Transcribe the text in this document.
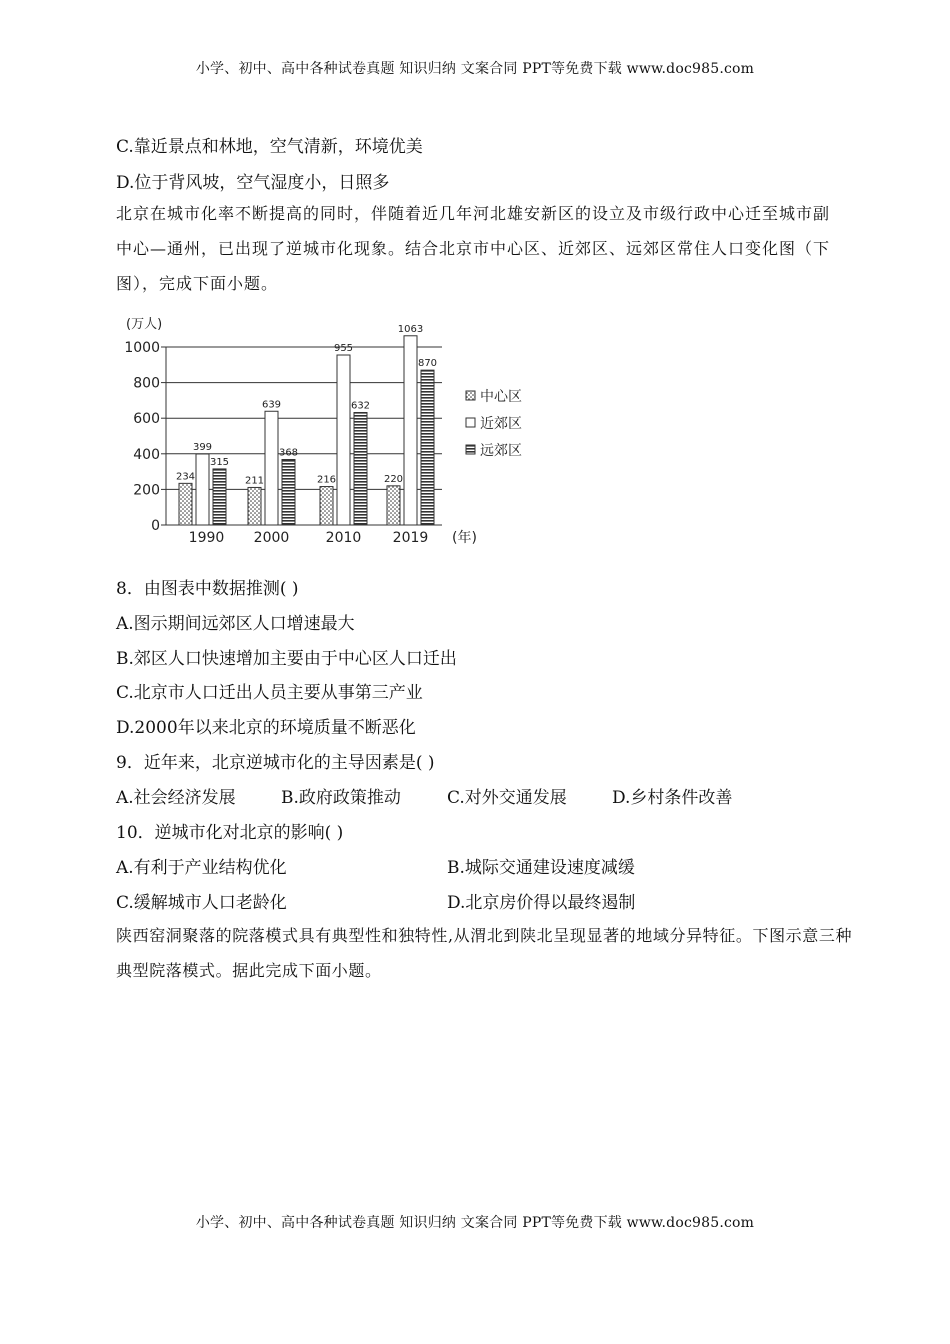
小学、初中、高中各种试卷真题 知识归纳 文案合同 PPT等免费下载 www.doc985.com
C.靠近景点和林地，空气清新，环境优美
D.位于背风坡，空气湿度小，日照多
北京在城市化率不断提高的同时，伴随着近几年河北雄安新区的设立及市级行政中心迁至城市副中心—通州，已出现了逆城市化现象。结合北京市中心区、近郊区、远郊区常住人口变化图（下图），完成下面小题。
(万人)
0
200
400
600
800
1000
234
399
315
1990
211
639
368
2000
216
955
632
2010
220
1063
870
2019
中心区
近郊区
远郊区
(年)
8．由图表中数据推测( )
A.图示期间远郊区人口增速最大
B.郊区人口快速增加主要由于中心区人口迁出
C.北京市人口迁出人员主要从事第三产业
D.2000年以来北京的环境质量不断恶化
9．近年来，北京逆城市化的主导因素是( )
A.社会经济发展	B.政府政策推动	C.对外交通发展	D.乡村条件改善
10．逆城市化对北京的影响( )
A.有利于产业结构优化	B.城际交通建设速度减缓
C.缓解城市人口老龄化	D.北京房价得以最终遏制
陕西窑洞聚落的院落模式具有典型性和独特性,从渭北到陕北呈现显著的地域分异特征。下图示意三种典型院落模式。据此完成下面小题。
小学、初中、高中各种试卷真题 知识归纳 文案合同 PPT等免费下载 www.doc985.com
